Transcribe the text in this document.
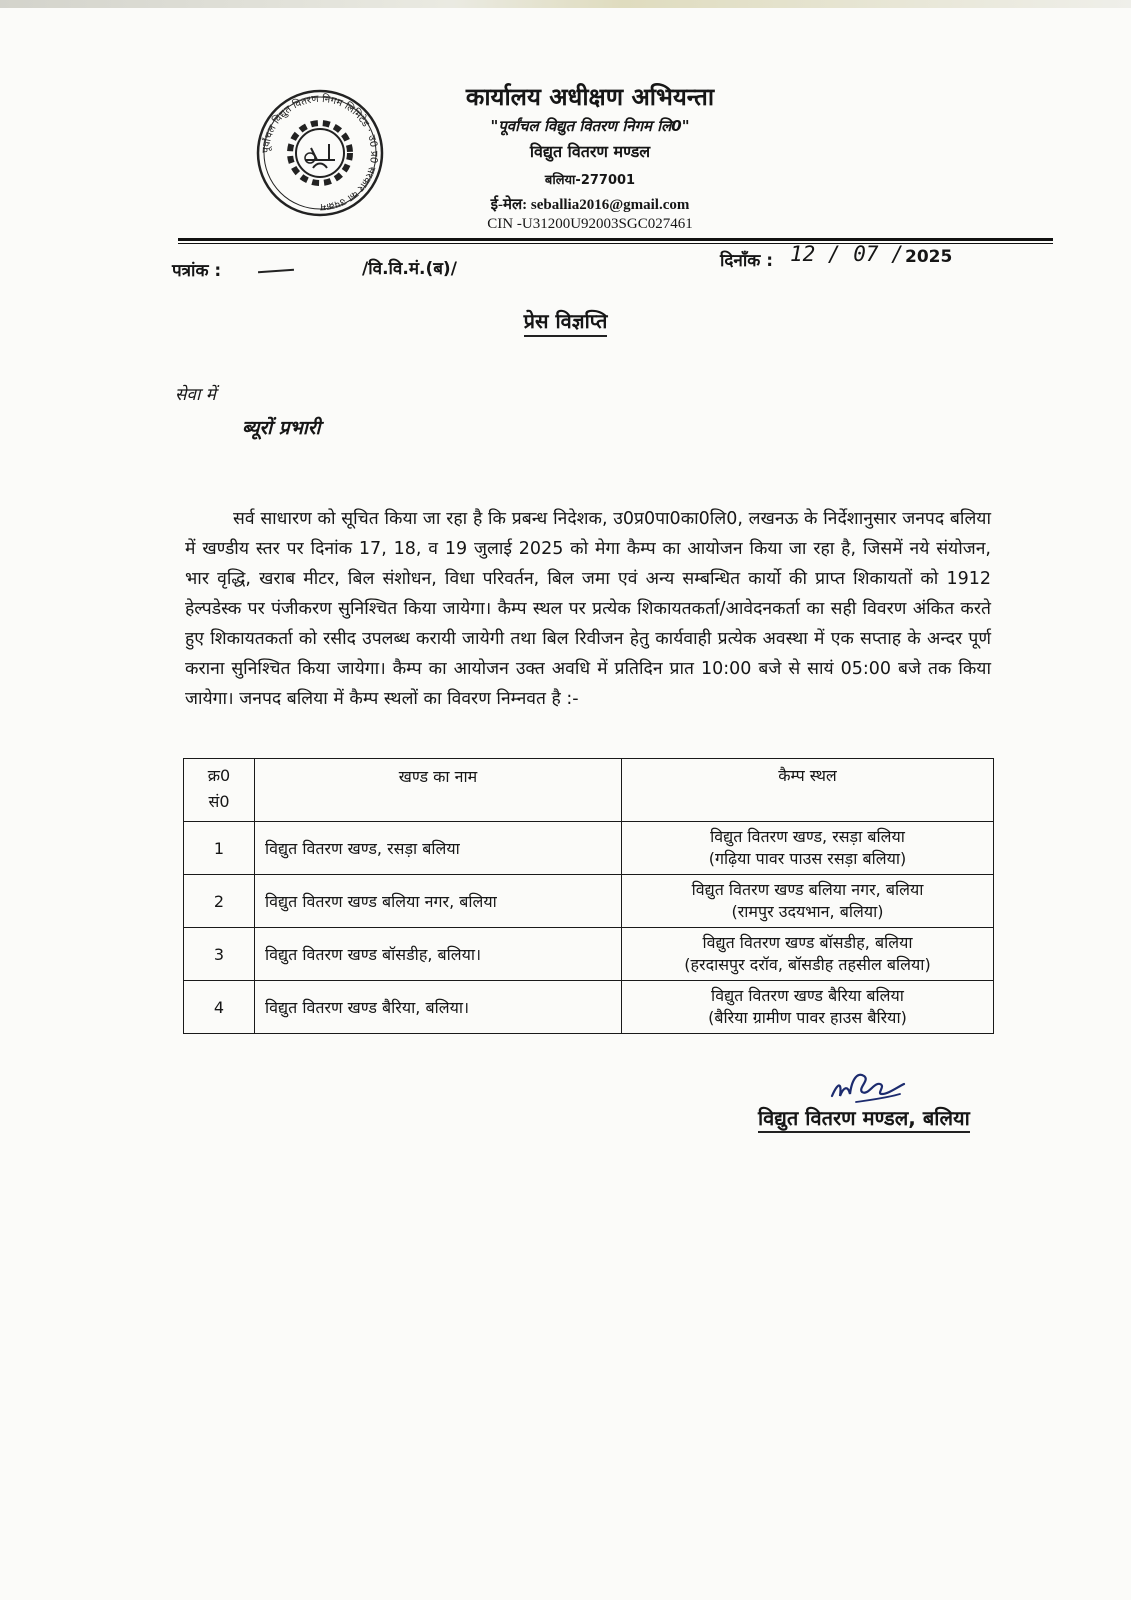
पूर्वांचल विद्युत वितरण निगम लिमिटेड · उ0 प्र0 सरकार का उपक्रम
कार्यालय अधीक्षण अभियन्ता
"पूर्वांचल विद्युत वितरण निगम लि0"
विद्युत वितरण मण्डल
बलिया-277001
ई-मेल: seballia2016@gmail.com
CIN -U31200U92003SGC027461
पत्रांक :	/वि.वि.मं.(ब)/	दिनाँक : 12 / 07 / 2025
प्रेस विज्ञप्ति
सेवा में
ब्यूरों प्रभारी

सर्व साधारण को सूचित किया जा रहा है कि प्रबन्ध निदेशक, उ0प्र0पा0का0लि0, लखनऊ के निर्देशानुसार जनपद बलिया में खण्डीय स्तर पर दिनांक 17, 18, व 19 जुलाई 2025 को मेगा कैम्प का आयोजन किया जा रहा है, जिसमें नये संयोजन, भार वृद्धि, खराब मीटर, बिल संशोधन, विधा परिवर्तन, बिल जमा एवं अन्य सम्बन्धित कार्यो की प्राप्त शिकायतों को 1912 हेल्पडेस्क पर पंजीकरण सुनिश्चित किया जायेगा। कैम्प स्थल पर प्रत्येक शिकायतकर्ता/आवेदनकर्ता का सही विवरण अंकित करते हुए शिकायतकर्ता को रसीद उपलब्ध करायी जायेगी तथा बिल रिवीजन हेतु कार्यवाही प्रत्येक अवस्था में एक सप्ताह के अन्दर पूर्ण कराना सुनिश्चित किया जायेगा। कैम्प का आयोजन उक्त अवधि में प्रतिदिन प्रात 10:00 बजे से सायं 05:00 बजे तक किया जायेगा। जनपद बलिया में कैम्प स्थलों का विवरण निम्नवत है :-

क्र0
सं0	खण्ड का नाम	कैम्प स्थल
1	विद्युत वितरण खण्ड, रसड़ा बलिया	विद्युत वितरण खण्ड, रसड़ा बलिया
(गढ़िया पावर पाउस रसड़ा बलिया)
2	विद्युत वितरण खण्ड बलिया नगर, बलिया	विद्युत वितरण खण्ड बलिया नगर, बलिया
(रामपुर उदयभान, बलिया)
3	विद्युत वितरण खण्ड बॉसडीह, बलिया।	विद्युत वितरण खण्ड बॉसडीह, बलिया
(हरदासपुर दरॉव, बॉसडीह तहसील बलिया)
4	विद्युत वितरण खण्ड बैरिया, बलिया।	विद्युत वितरण खण्ड बैरिया बलिया
(बैरिया ग्रामीण पावर हाउस बैरिया)
विद्युत वितरण मण्डल, बलिया
